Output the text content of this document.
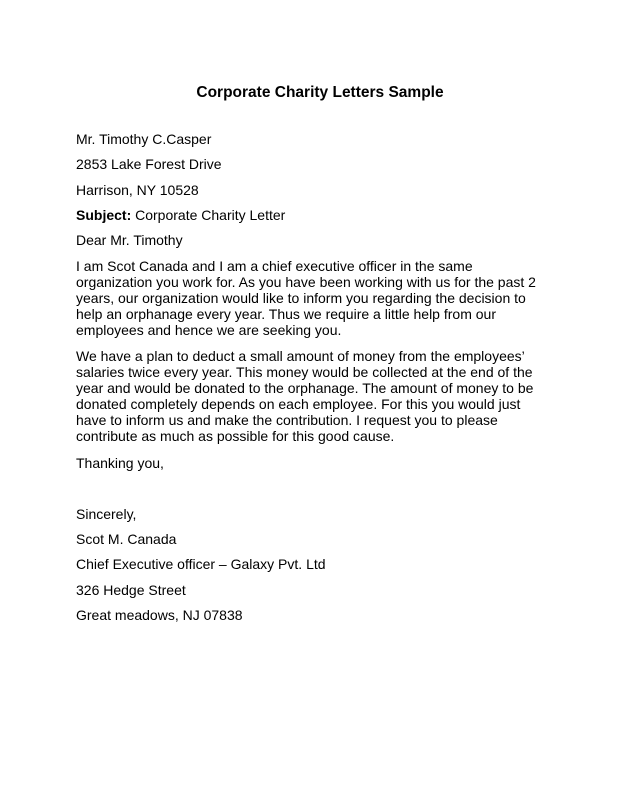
Corporate Charity Letters Sample
Mr. Timothy C.Casper
2853 Lake Forest Drive
Harrison, NY 10528
Subject: Corporate Charity Letter
Dear Mr. Timothy
I am Scot Canada and I am a chief executive officer in the same
organization you work for. As you have been working with us for the past 2
years, our organization would like to inform you regarding the decision to
help an orphanage every year. Thus we require a little help from our
employees and hence we are seeking you.
We have a plan to deduct a small amount of money from the employees’
salaries twice every year. This money would be collected at the end of the
year and would be donated to the orphanage. The amount of money to be
donated completely depends on each employee. For this you would just
have to inform us and make the contribution. I request you to please
contribute as much as possible for this good cause.
Thanking you,
Sincerely,
Scot M. Canada
Chief Executive officer – Galaxy Pvt. Ltd
326 Hedge Street
Great meadows, NJ 07838
